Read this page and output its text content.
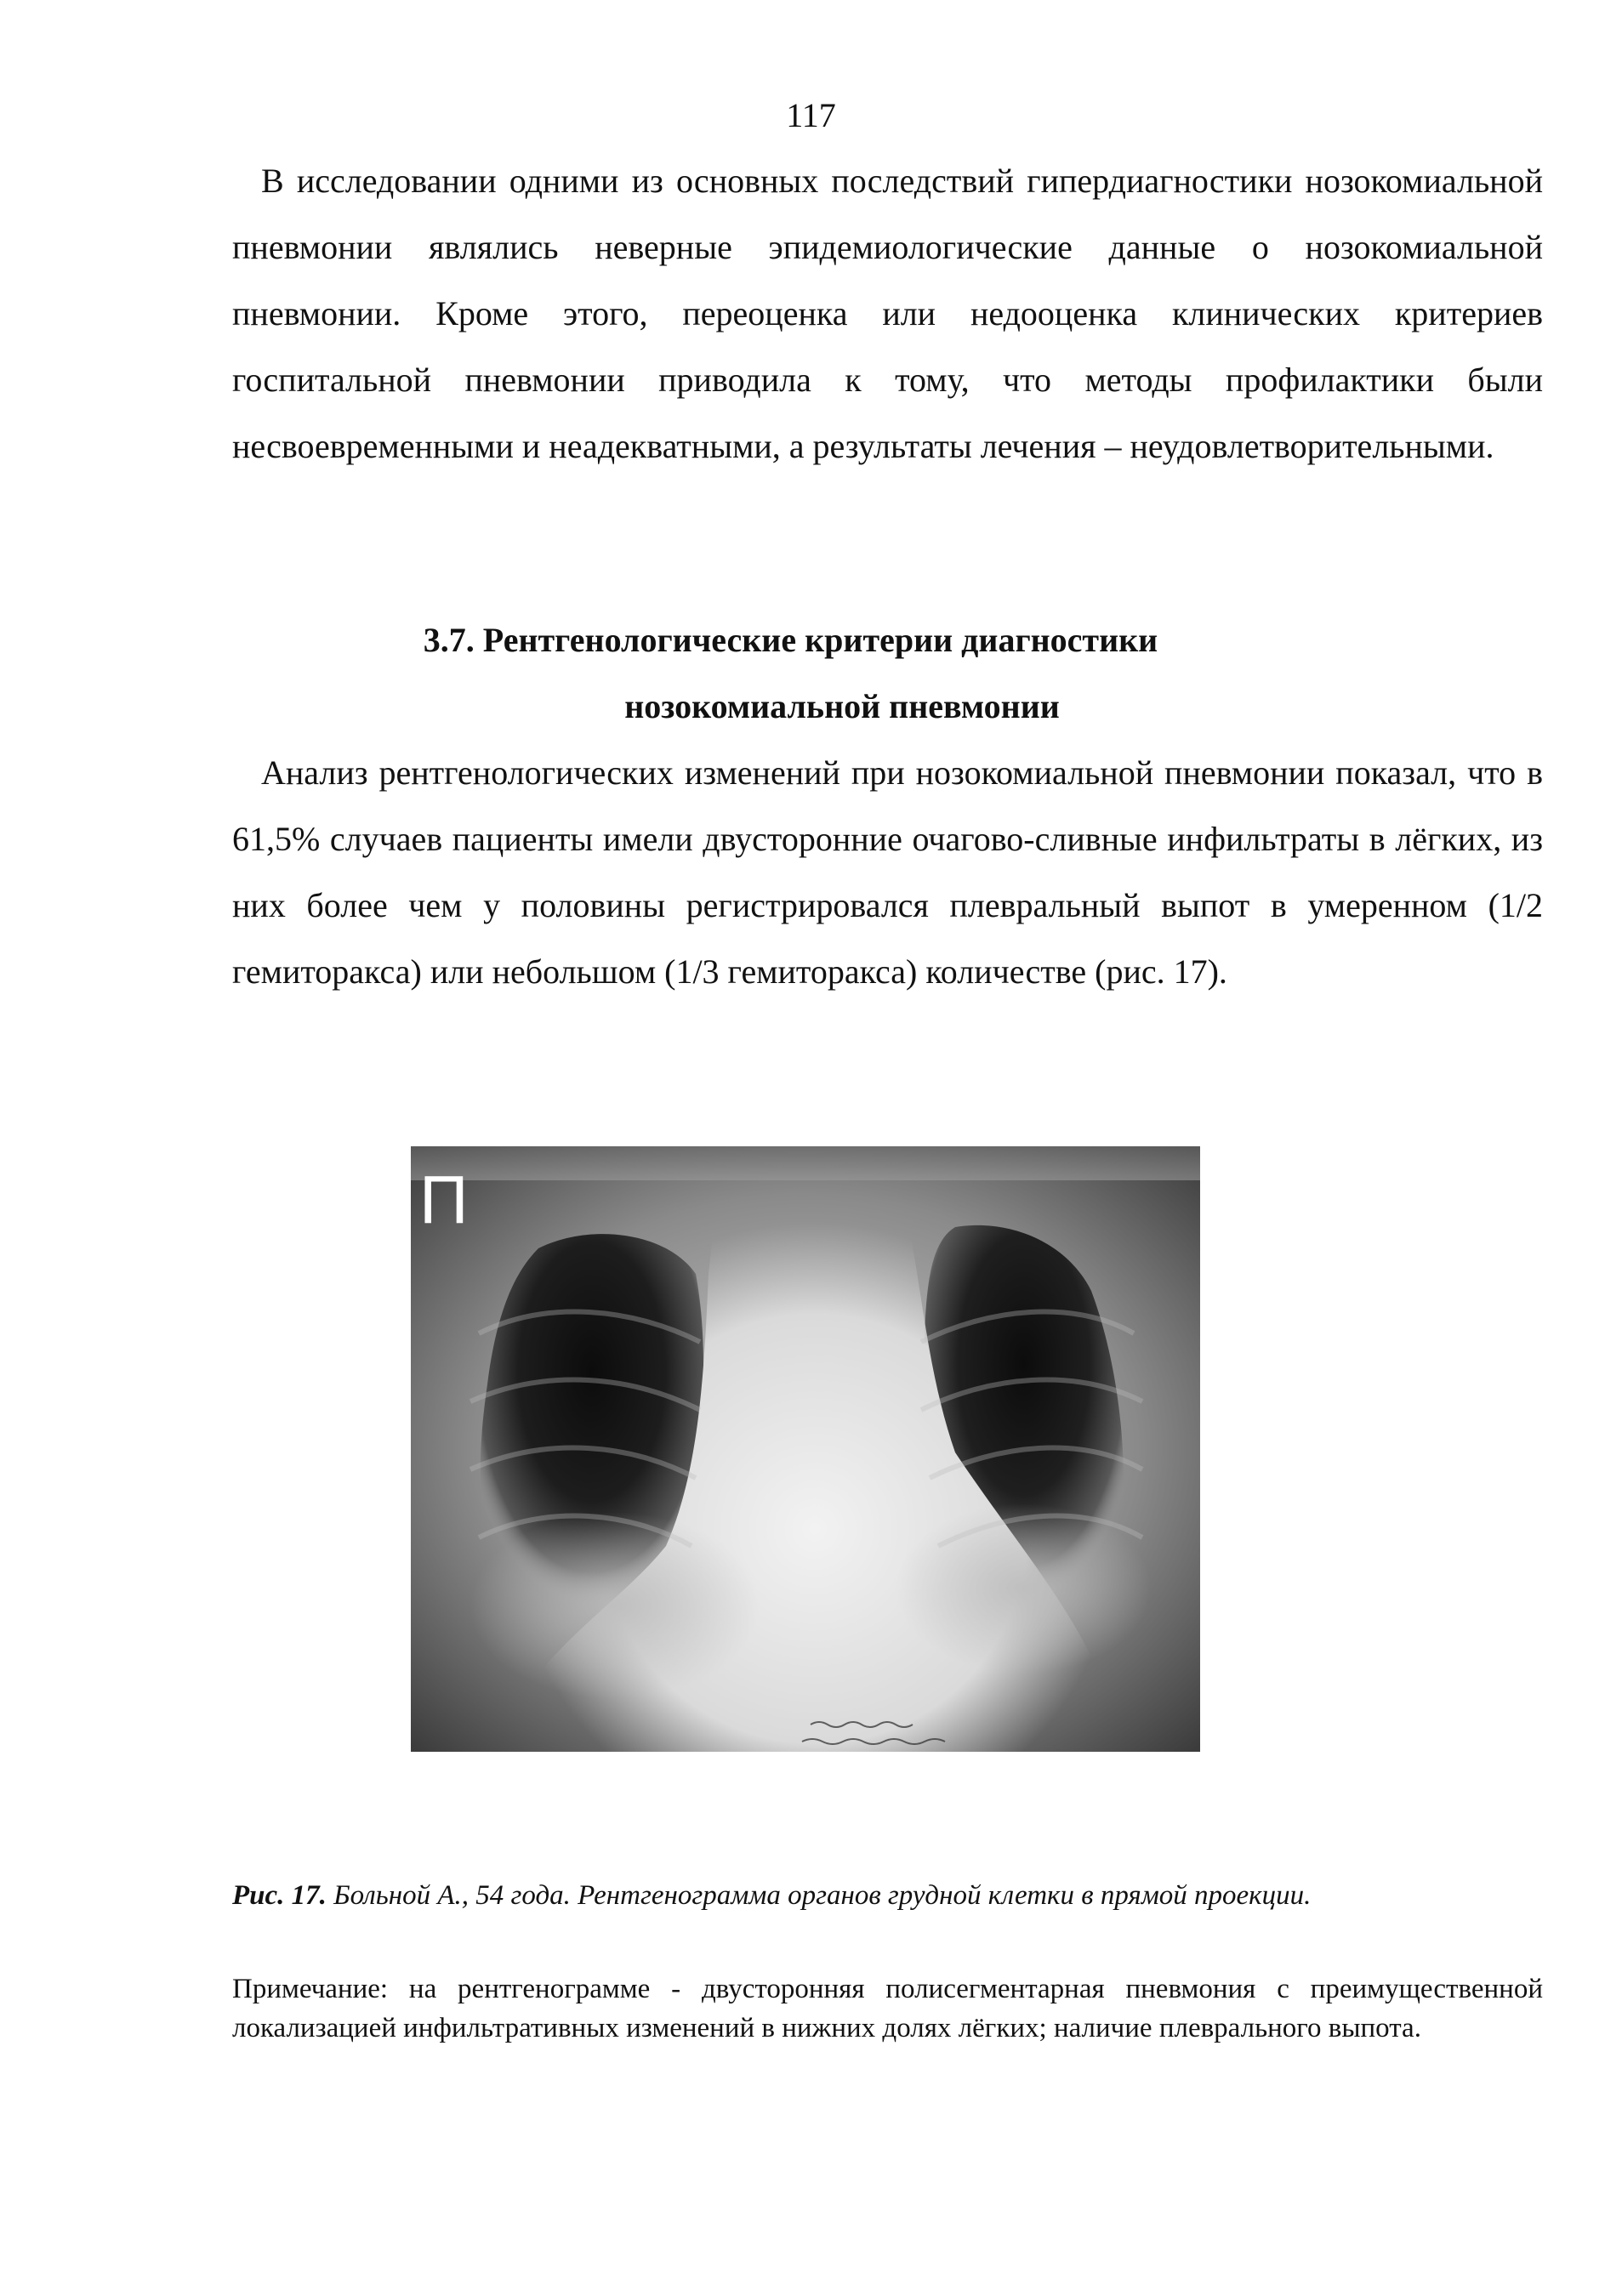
117
В исследовании одними из основных последствий гипердиагностики нозокомиальной пневмонии являлись неверные эпидемиологические данные о нозокомиальной пневмонии. Кроме этого, переоценка или недооценка клинических критериев госпитальной пневмонии приводила к тому, что методы профилактики были несвоевременными и неадекватными, а результаты лечения – неудовлетворительными.
3.7. Рентгенологические критерии диагностики
нозокомиальной пневмонии
Анализ рентгенологических изменений при нозокомиальной пневмонии показал, что в 61,5% случаев пациенты имели двусторонние очагово-сливные инфильтраты в лёгких, из них более чем у половины регистрировался плевральный выпот в умеренном (1/2 гемиторакса) или небольшом (1/3 гемиторакса) количестве (рис. 17).
П
Рис. 17. Больной А., 54 года. Рентгенограмма органов грудной клетки в прямой проекции.
Примечание: на рентгенограмме - двусторонняя полисегментарная пневмония с преимущественной локализацией инфильтративных изменений в нижних долях лёгких; наличие плеврального выпота.
